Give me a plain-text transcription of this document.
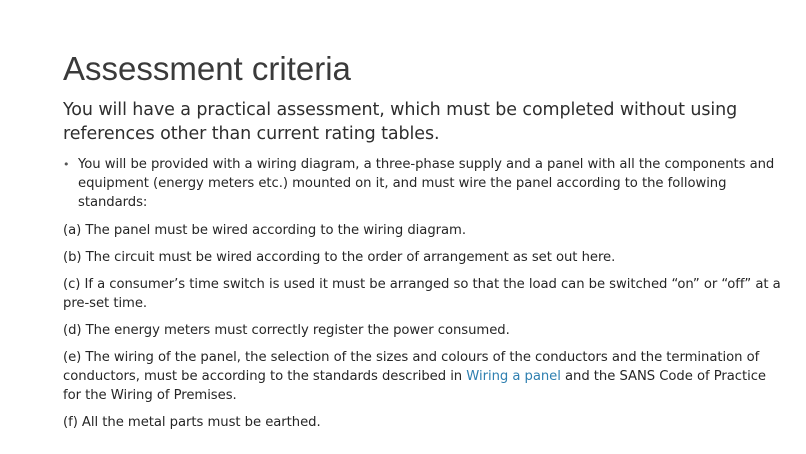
Assessment criteria

You will have a practical assessment, which must be completed without using references other than current rating tables.

• You will be provided with a wiring diagram, a three-phase supply and a panel with all the components and equipment (energy meters etc.) mounted on it, and must wire the panel according to the following standards:

(a) The panel must be wired according to the wiring diagram.

(b) The circuit must be wired according to the order of arrangement as set out here.

(c) If a consumer’s time switch is used it must be arranged so that the load can be switched “on” or “off” at a pre-set time.

(d) The energy meters must correctly register the power consumed.

(e) The wiring of the panel, the selection of the sizes and colours of the conductors and the termination of conductors, must be according to the standards described in Wiring a panel and the SANS Code of Practice for the Wiring of Premises.

(f) All the metal parts must be earthed.
